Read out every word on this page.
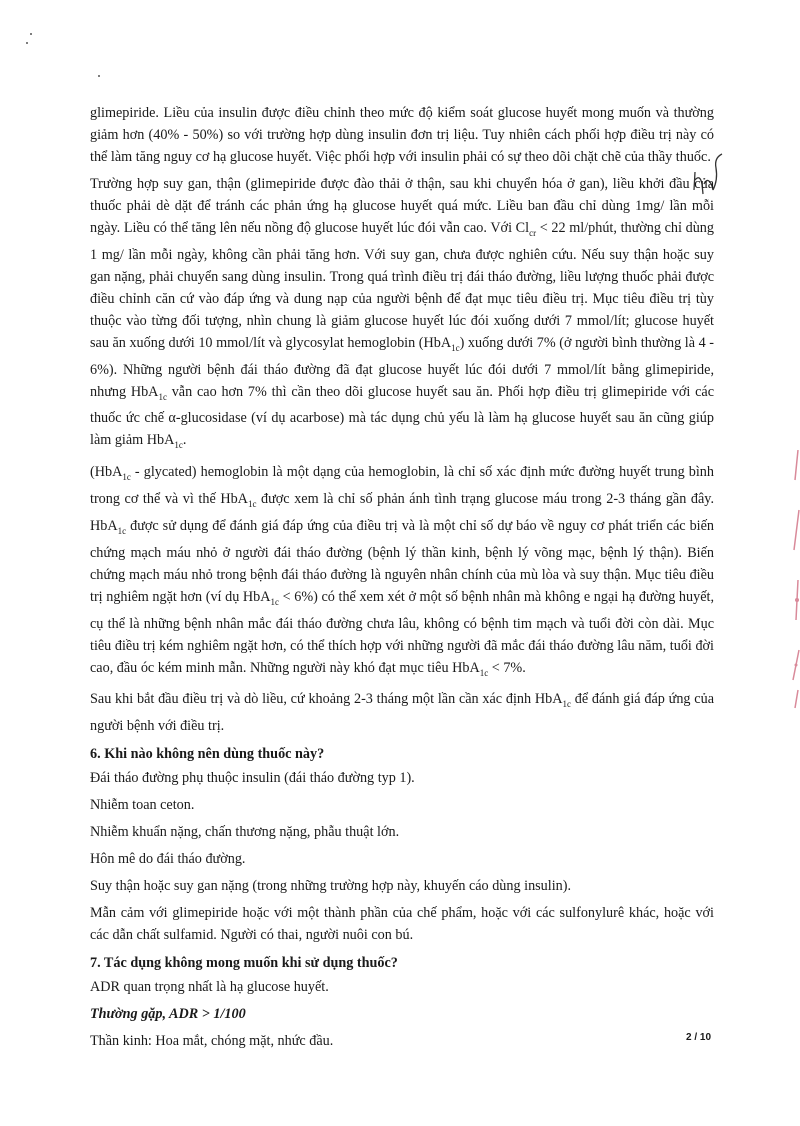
glimepiride. Liều của insulin được điều chỉnh theo mức độ kiểm soát glucose huyết mong muốn và thường giảm hơn (40% - 50%) so với trường hợp dùng insulin đơn trị liệu. Tuy nhiên cách phối hợp điều trị này có thể làm tăng nguy cơ hạ glucose huyết. Việc phối hợp với insulin phải có sự theo dõi chặt chẽ của thầy thuốc.

Trường hợp suy gan, thận (glimepiride được đào thải ở thận, sau khi chuyển hóa ở gan), liều khởi đầu của thuốc phải dè dặt để tránh các phản ứng hạ glucose huyết quá mức. Liều ban đầu chỉ dùng 1mg/ lần mỗi ngày. Liều có thể tăng lên nếu nồng độ glucose huyết lúc đói vẫn cao. Với $Cl_{cr} < 22$ ml/phút, thường chỉ dùng 1 mg/ lần mỗi ngày, không cần phải tăng hơn. Với suy gan, chưa được nghiên cứu. Nếu suy thận hoặc suy gan nặng, phải chuyển sang dùng insulin. Trong quá trình điều trị đái tháo đường, liều lượng thuốc phải được điều chỉnh căn cứ vào đáp ứng và dung nạp của người bệnh để đạt mục tiêu điều trị. Mục tiêu điều trị tùy thuộc vào từng đối tượng, nhìn chung là giảm glucose huyết lúc đói xuống dưới 7 mmol/lít; glucose huyết sau ăn xuống dưới 10 mmol/lít và glycosylat hemoglobin (HbA$_{1c}$) xuống dưới 7% (ở người bình thường là 4 - 6%). Những người bệnh đái tháo đường đã đạt glucose huyết lúc đói dưới 7 mmol/lít bằng glimepiride, nhưng HbA$_{1c}$ vẫn cao hơn 7% thì cần theo dõi glucose huyết sau ăn. Phối hợp điều trị glimepiride với các thuốc ức chế α-glucosidase (ví dụ acarbose) mà tác dụng chủ yếu là làm hạ glucose huyết sau ăn cũng giúp làm giảm HbA$_{1c}$.

(HbA$_{1c}$ - glycated) hemoglobin là một dạng của hemoglobin, là chỉ số xác định mức đường huyết trung bình trong cơ thể và vì thế HbA$_{1c}$ được xem là chỉ số phản ánh tình trạng glucose máu trong 2-3 tháng gần đây. HbA$_{1c}$ được sử dụng để đánh giá đáp ứng của điều trị và là một chỉ số dự báo về nguy cơ phát triển các biến chứng mạch máu nhỏ ở người đái tháo đường (bệnh lý thần kinh, bệnh lý võng mạc, bệnh lý thận). Biến chứng mạch máu nhỏ trong bệnh đái tháo đường là nguyên nhân chính của mù lòa và suy thận. Mục tiêu điều trị nghiêm ngặt hơn (ví dụ HbA$_{1c}$ < 6%) có thể xem xét ở một số bệnh nhân mà không e ngại hạ đường huyết, cụ thể là những bệnh nhân mắc đái tháo đường chưa lâu, không có bệnh tim mạch và tuổi đời còn dài. Mục tiêu điều trị kém nghiêm ngặt hơn, có thể thích hợp với những người đã mắc đái tháo đường lâu năm, tuổi đời cao, đầu óc kém minh mẫn. Những người này khó đạt mục tiêu HbA$_{1c}$ < 7%.

Sau khi bắt đầu điều trị và dò liều, cứ khoảng 2-3 tháng một lần cần xác định HbA$_{1c}$ để đánh giá đáp ứng của người bệnh với điều trị.

6. Khi nào không nên dùng thuốc này?

Đái tháo đường phụ thuộc insulin (đái tháo đường typ 1).

Nhiễm toan ceton.

Nhiễm khuẩn nặng, chấn thương nặng, phẫu thuật lớn.

Hôn mê do đái tháo đường.

Suy thận hoặc suy gan nặng (trong những trường hợp này, khuyến cáo dùng insulin).

Mẫn cảm với glimepiride hoặc với một thành phần của chế phẩm, hoặc với các sulfonylurê khác, hoặc với các dẫn chất sulfamid. Người có thai, người nuôi con bú.

7. Tác dụng không mong muốn khi sử dụng thuốc?

ADR quan trọng nhất là hạ glucose huyết.

Thường gặp, ADR > 1/100

Thần kinh: Hoa mắt, chóng mặt, nhức đầu.	2 / 10
